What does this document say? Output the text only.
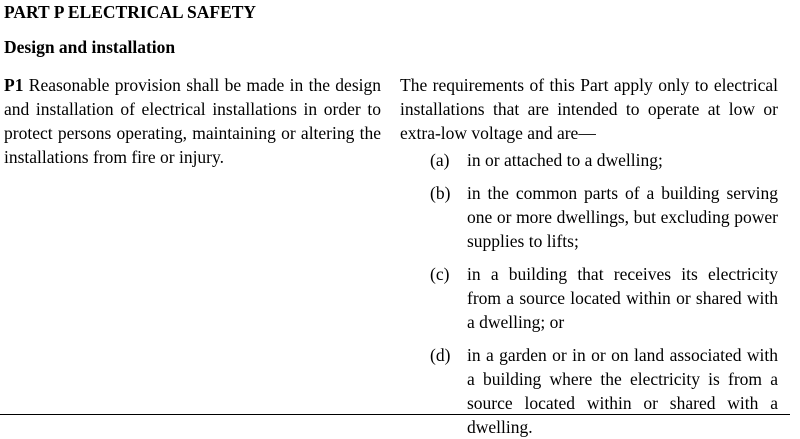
PART P ELECTRICAL SAFETY
Design and installation
P1 Reasonable provision shall be made in the design and installation of electrical installations in order to protect persons operating, maintaining or altering the installations from fire or injury.

The requirements of this Part apply only to electrical installations that are intended to operate at low or extra-low voltage and are—

(a) in or attached to a dwelling;
(b) in the common parts of a building serving one or more dwellings, but excluding power supplies to lifts;
(c) in a building that receives its electricity from a source located within or shared with a dwelling; or
(d) in a garden or in or on land associated with a building where the electricity is from a source located within or shared with a dwelling.
